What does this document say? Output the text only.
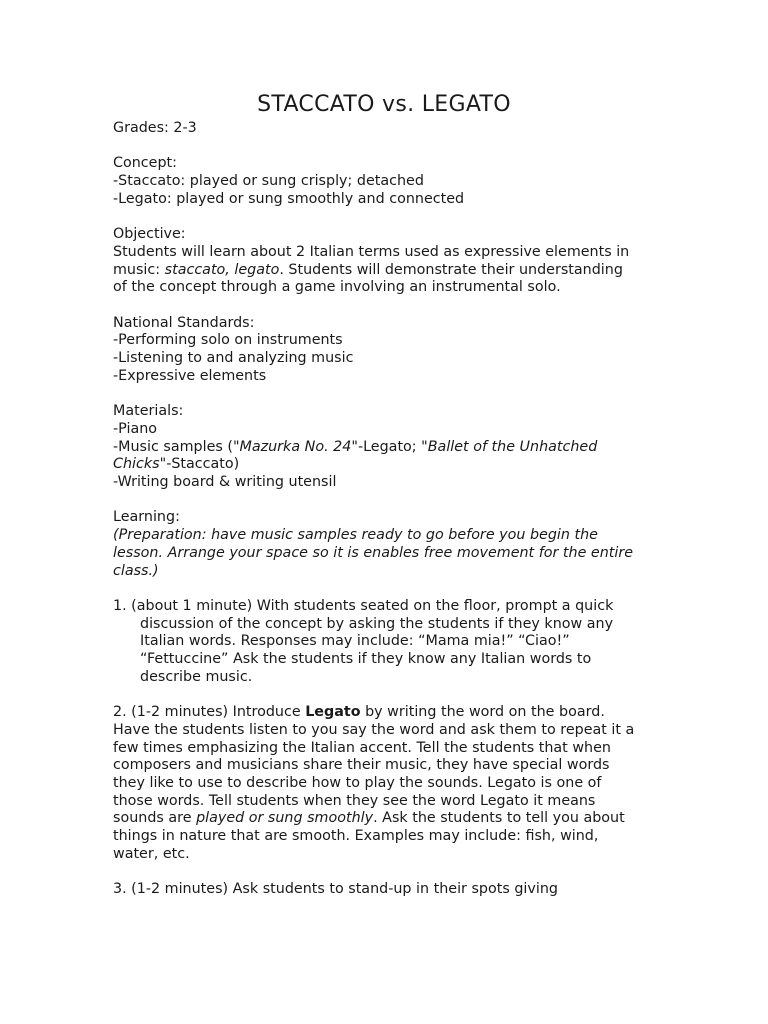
STACCATO vs. LEGATO
Grades: 2-3
Concept:
-Staccato: played or sung crisply; detached
-Legato: played or sung smoothly and connected
Objective:
Students will learn about 2 Italian terms used as expressive elements in
music: staccato, legato. Students will demonstrate their understanding
of the concept through a game involving an instrumental solo.
National Standards:
-Performing solo on instruments
-Listening to and analyzing music
-Expressive elements
Materials:
-Piano
-Music samples ("Mazurka No. 24"-Legato; "Ballet of the Unhatched
Chicks"-Staccato)
-Writing board & writing utensil
Learning:
(Preparation: have music samples ready to go before you begin the
lesson. Arrange your space so it is enables free movement for the entire
class.)
1. (about 1 minute) With students seated on the floor, prompt a quick
discussion of the concept by asking the students if they know any
Italian words. Responses may include: “Mama mia!” “Ciao!”
“Fettuccine” Ask the students if they know any Italian words to
describe music.
2. (1-2 minutes) Introduce Legato by writing the word on the board.
Have the students listen to you say the word and ask them to repeat it a
few times emphasizing the Italian accent. Tell the students that when
composers and musicians share their music, they have special words
they like to use to describe how to play the sounds. Legato is one of
those words. Tell students when they see the word Legato it means
sounds are played or sung smoothly. Ask the students to tell you about
things in nature that are smooth. Examples may include: fish, wind,
water, etc.
3. (1-2 minutes) Ask students to stand-up in their spots giving
